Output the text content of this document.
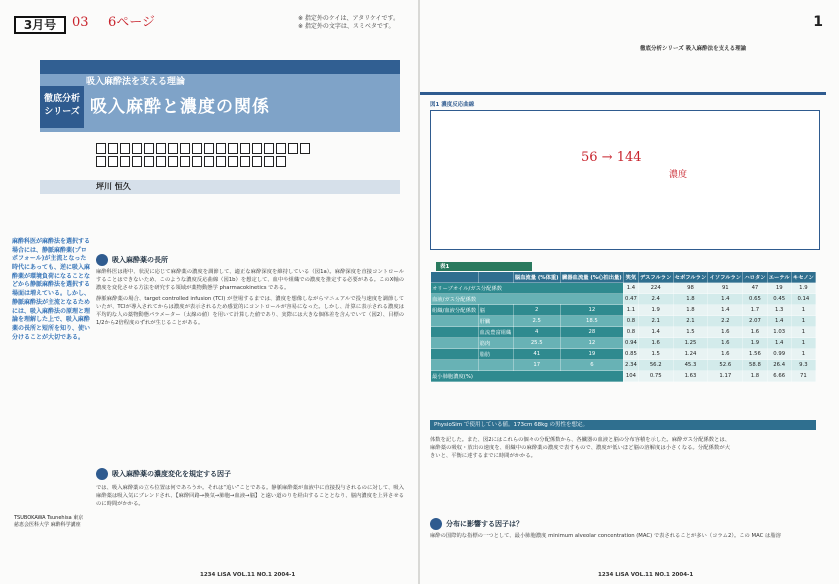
3月号	03 6ページ	※ 指定外のケイは、アタリケイです。
※ 指定外の文字は、スミベタです。
徹底分析
シリーズ
吸入麻酔法を支える理論
吸入麻酔と濃度の関係
坪川 恒久
麻酔科医が麻酔法を選択する場合には、静脈麻酔薬(プロポフォール)が主流となった時代にあっても、逆に吸入麻酔薬が環境負荷になることなどから静脈麻酔法を選択する場面は増えている。しかし、静脈麻酔法が主流となるためには、吸入麻酔法の原理と理論を理解した上で、吸入麻酔薬の長所と短所を知り、使い分けることが大切である。
吸入麻酔薬の長所

麻酔科医は術中、状況に応じて麻酔薬の濃度を調節して、適正な麻酔深度を維持している（図1a）。麻酔深度を直接コントロールすることはできないため、このような濃度反応曲線（図1b）を想定して、血中や組織での濃度を推定する必要がある。このX軸の濃度を変化させる方法を研究する領域が薬物動態学 pharmacokinetics である。

静脈麻酔薬の場合、target controlled infusion (TCI) が登場するまでは、濃度を想像しながらマニュアルで投与速度を調節していたが、TCIが導入されてからは濃度が表示されるため感覚的にコントロールが容易になった。しかし、計算に表示される濃度は平均的な人の薬物動態パラメーター（太線の値）を用いて計算した値であり、実際には大きな個体差を含んでいて（図2）、目標の1/2から2倍程度のずれが生じることがある。

吸入麻酔薬の濃度変化を規定する因子
では、吸入麻酔薬の立ち位置は何であろうか。それは“追い”ことである。静脈麻酔薬が血液中に直接投与されるのに対して、吸入麻酔薬は吸入気にブレンドされ、【麻酔回路→換気→肺胞→血液→脳】と遠い道のりを経由することとなり、脳内濃度を上昇させるのに時間がかかる。
TSUBOKAWA Tsunehisa 東京慈恵会医科大学 麻酔科学講座
1234 LiSA VOL.11 NO.1 2004-1
徹底分析シリーズ 吸入麻酔法を支える理論
1
図1 濃度反応曲線
56 → 144
濃度
表1
		脳血流量 (%体重)	臓器血流量 (%心拍出量)	笑気	デスフルラン	セボフルラン	イソフルラン	ハロタン	エーテル	キセノン
オリーブオイル/ガス分配係数				1.4	224	98	91	47	19	1.9
血液/ガス分配係数				0.47	2.4	1.8	1.4	0.65	0.45	0.14
組織/血液分配係数	脳	2	12	1.1	1.9	1.8	1.4	1.7	1.3	1
	肝臓	2.5	18.5	0.8	2.1	2.1	2.2	2.07	1.4	1
	血流豊富組織	4	28	0.8	1.4	1.5	1.6	1.6	1.03	1
	筋肉	25.5	12	0.94	1.6	1.25	1.6	1.9	1.4	1
	脂肪	41	19	0.85	1.5	1.24	1.6	1.56	0.99	1
		17	6	2.34	56.2	45.3	52.6	58.8	26.4	9.3
最小肺胞濃度(%)				104	0.75	1.63	1.17	1.8	6.66	71
PhysioSim で使用している値。173cm 68kg の男性を想定。
体数を記した。また、図2にはこれらの個々の分配係数から、各臓器の血液と脳の分布容積を示した。麻酔ガス分配係数とは、麻酔薬の吸収・放出の速度を、組織中の麻酔薬の濃度で表すもので、濃度が低いほど脳の溶解度は小さくなる。分配係数が大きいと、平衡に達するまでに時間がかかる。
分布に影響する因子は？
麻酔の国際的な指標の一つとして、最小肺胞濃度 minimum alveolar concentration (MAC) で表されることが多い（コラム2）。この MAC は脂溶
1234 LiSA VOL.11 NO.1 2004-1
